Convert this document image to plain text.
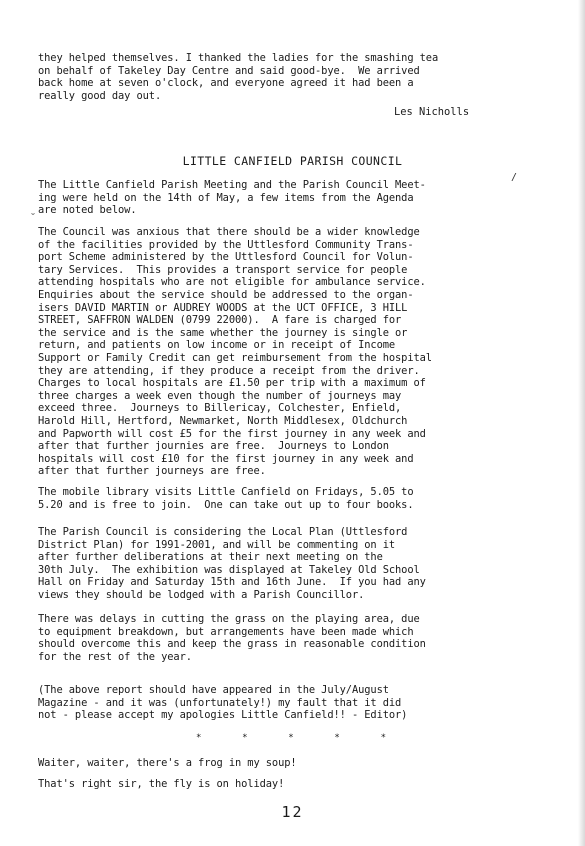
they helped themselves. I thanked the ladies for the smashing tea
on behalf of Takeley Day Centre and said good-bye.  We arrived
back home at seven o'clock, and everyone agreed it had been a
really good day out.
Les Nicholls
LITTLE CANFIELD PARISH COUNCIL
The Little Canfield Parish Meeting and the Parish Council Meet-
ing were held on the 14th of May, a few items from the Agenda
are noted below.
˘
/
The Council was anxious that there should be a wider knowledge
of the facilities provided by the Uttlesford Community Trans-
port Scheme administered by the Uttlesford Council for Volun-
tary Services.  This provides a transport service for people
attending hospitals who are not eligible for ambulance service.
Enquiries about the service should be addressed to the organ-
isers DAVID MARTIN or AUDREY WOODS at the UCT OFFICE, 3 HILL
STREET, SAFFRON WALDEN (0799 22000).  A fare is charged for
the service and is the same whether the journey is single or
return, and patients on low income or in receipt of Income
Support or Family Credit can get reimbursement from the hospital
they are attending, if they produce a receipt from the driver.
Charges to local hospitals are £1.50 per trip with a maximum of
three charges a week even though the number of journeys may
exceed three.  Journeys to Billericay, Colchester, Enfield,
Harold Hill, Hertford, Newmarket, North Middlesex, Oldchurch
and Papworth will cost £5 for the first journey in any week and
after that further journies are free.  Journeys to London
hospitals will cost £10 for the first journey in any week and
after that further journeys are free.
The mobile library visits Little Canfield on Fridays, 5.05 to
5.20 and is free to join.  One can take out up to four books.
The Parish Council is considering the Local Plan (Uttlesford
District Plan) for 1991-2001, and will be commenting on it
after further deliberations at their next meeting on the
30th July.  The exhibition was displayed at Takeley Old School
Hall on Friday and Saturday 15th and 16th June.  If you had any
views they should be lodged with a Parish Councillor.
There was delays in cutting the grass on the playing area, due
to equipment breakdown, but arrangements have been made which
should overcome this and keep the grass in reasonable condition
for the rest of the year.
(The above report should have appeared in the July/August
Magazine - and it was (unfortunately!) my fault that it did
not - please accept my apologies Little Canfield!! - Editor)
*	*	*	*	*
Waiter, waiter, there's a frog in my soup!
That's right sir, the fly is on holiday!
12
